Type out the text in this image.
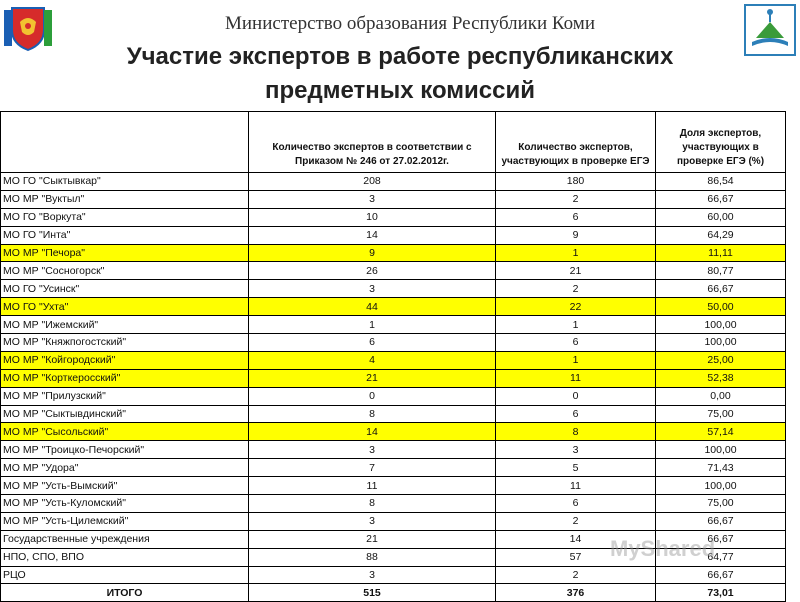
Министерство образования Республики Коми
Участие экспертов в работе республиканских
предметных комиссий
	Количество экспертов в соответствии с Приказом № 246 от 27.02.2012г.	Количество экспертов, участвующих в проверке ЕГЭ	Доля экспертов, участвующих в проверке ЕГЭ (%)
МО ГО "Сыктывкар"	208	180	86,54
МО МР "Вуктыл"	3	2	66,67
МО ГО "Воркута"	10	6	60,00
МО ГО "Инта"	14	9	64,29
МО МР "Печора"	9	1	11,11
МО МР "Сосногорск"	26	21	80,77
МО ГО "Усинск"	3	2	66,67
МО ГО "Ухта"	44	22	50,00
МО МР "Ижемский"	1	1	100,00
МО МР "Княжпогостский"	6	6	100,00
МО МР "Койгородский"	4	1	25,00
МО МР "Корткеросский"	21	11	52,38
МО МР "Прилузский"	0	0	0,00
МО МР "Сыктывдинский"	8	6	75,00
МО МР "Сысольский"	14	8	57,14
МО МР "Троицко-Печорский"	3	3	100,00
МО МР "Удора"	7	5	71,43
МО МР "Усть-Вымский"	11	11	100,00
МО МР "Усть-Куломский"	8	6	75,00
МО МР "Усть-Цилемский"	3	2	66,67
Государственные учреждения	21	14	66,67
НПО, СПО, ВПО	88	57	64,77
РЦО	3	2	66,67
ИТОГО	515	376	73,01
MyShared
